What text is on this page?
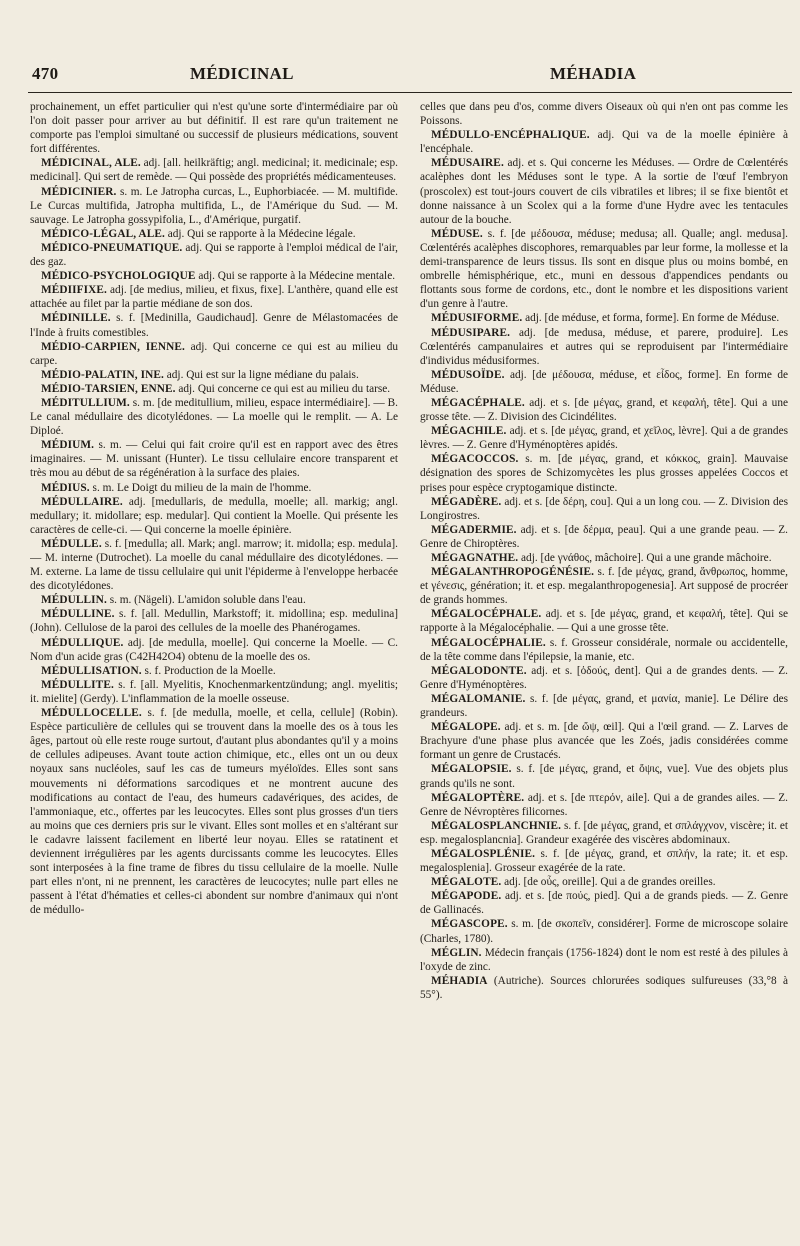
470	MÉDICINAL	MÉHADIA

prochainement, un effet particulier qui n'est qu'une sorte d'intermédiaire par où l'on doit passer pour arriver au but définitif. Il est rare qu'un traitement ne comporte pas l'emploi simultané ou successif de plusieurs médications, souvent fort différentes.

MÉDICINAL, ALE. adj. [all. heilkräftig; angl. medicinal; it. medicinale; esp. medicinal]. Qui sert de remède. — Qui possède des propriétés médicamenteuses.

MÉDICINIER. s. m. Le Jatropha curcas, L., Euphorbiacée. — M. multifide. Le Curcas multifida, Jatropha multifida, L., de l'Amérique du Sud. — M. sauvage. Le Jatropha gossypifolia, L., d'Amérique, purgatif.

MÉDICO-LÉGAL, ALE. adj. Qui se rapporte à la Médecine légale.

MÉDICO-PNEUMATIQUE. adj. Qui se rapporte à l'emploi médical de l'air, des gaz.

MÉDICO-PSYCHOLOGIQUE adj. Qui se rapporte à la Médecine mentale.

MÉDIIFIXE. adj. [de medius, milieu, et fixus, fixe]. L'anthère, quand elle est attachée au filet par la partie médiane de son dos.

MÉDINILLE. s. f. [Medinilla, Gaudichaud]. Genre de Mélastomacées de l'Inde à fruits comestibles.

MÉDIO-CARPIEN, IENNE. adj. Qui concerne ce qui est au milieu du carpe.

MÉDIO-PALATIN, INE. adj. Qui est sur la ligne médiane du palais.

MÉDIO-TARSIEN, ENNE. adj. Qui concerne ce qui est au milieu du tarse.

MÉDITULLIUM. s. m. [de meditullium, milieu, espace intermédiaire]. — B. Le canal médullaire des dicotylédones. — La moelle qui le remplit. — A. Le Diploé.

MÉDIUM. s. m. — Celui qui fait croire qu'il est en rapport avec des êtres imaginaires. — M. unissant (Hunter). Le tissu cellulaire encore transparent et très mou au début de sa régénération à la surface des plaies.

MÉDIUS. s. m. Le Doigt du milieu de la main de l'homme.

MÉDULLAIRE. adj. [medullaris, de medulla, moelle; all. markig; angl. medullary; it. midollare; esp. medular]. Qui contient la Moelle. Qui présente les caractères de celle-ci. — Qui concerne la moelle épinière.

MÉDULLE. s. f. [medulla; all. Mark; angl. marrow; it. midolla; esp. medula]. — M. interne (Dutrochet). La moelle du canal médullaire des dicotylédones. — M. externe. La lame de tissu cellulaire qui unit l'épiderme à l'enveloppe herbacée des dicotylédones.

MÉDULLIN. s. m. (Nägeli). L'amidon soluble dans l'eau.

MÉDULLINE. s. f. [all. Medullin, Markstoff; it. midollina; esp. medulina] (John). Cellulose de la paroi des cellules de la moelle des Phanérogames.

MÉDULLIQUE. adj. [de medulla, moelle]. Qui concerne la Moelle. — C. Nom d'un acide gras (C42H42O4) obtenu de la moelle des os.

MÉDULLISATION. s. f. Production de la Moelle.

MÉDULLITE. s. f. [all. Myelitis, Knochenmarkentzündung; angl. myelitis; it. mielite] (Gerdy). L'inflammation de la moelle osseuse.

MÉDULLOCELLE. s. f. [de medulla, moelle, et cella, cellule] (Robin). Espèce particulière de cellules qui se trouvent dans la moelle des os à tous les âges, partout où elle reste rouge surtout, d'autant plus abondantes qu'il y a moins de cellules adipeuses. Avant toute action chimique, etc., elles ont un ou deux noyaux sans nucléoles, sauf les cas de tumeurs myéloïdes. Elles sont sans mouvements ni déformations sarcodiques et ne montrent aucune des modifications au contact de l'eau, des humeurs cadavériques, des acides, de l'ammoniaque, etc., offertes par les leucocytes. Elles sont plus grosses d'un tiers au moins que ces derniers pris sur le vivant. Elles sont molles et en s'altérant sur le cadavre laissent facilement en liberté leur noyau. Elles se ratatinent et deviennent irrégulières par les agents durcissants comme les leucocytes. Elles sont interposées à la fine trame de fibres du tissu cellulaire de la moelle. Nulle part elles n'ont, ni ne prennent, les caractères de leucocytes; nulle part elles ne passent à l'état d'hématies et celles-ci abondent sur nombre d'animaux qui n'ont de médullo-

celles que dans peu d'os, comme divers Oiseaux où qui n'en ont pas comme les Poissons.

MÉDULLO-ENCÉPHALIQUE. adj. Qui va de la moelle épinière à l'encéphale.

MÉDUSAIRE. adj. et s. Qui concerne les Méduses. — Ordre de Cœlentérés acalèphes dont les Méduses sont le type. A la sortie de l'œuf l'embryon (proscolex) est tout-jours couvert de cils vibratiles et libres; il se fixe bientôt et donne naissance à un Scolex qui a la forme d'une Hydre avec les tentacules autour de la bouche.

MÉDUSE. s. f. [de μέδουσα, méduse; medusa; all. Qualle; angl. medusa]. Cœlentérés acalèphes discophores, remarquables par leur forme, la mollesse et la demi-transparence de leurs tissus. Ils sont en disque plus ou moins bombé, en ombrelle hémisphérique, etc., muni en dessous d'appendices pendants ou flottants sous forme de cordons, etc., dont le nombre et les dispositions varient d'un genre à l'autre.

MÉDUSIFORME. adj. [de méduse, et forma, forme]. En forme de Méduse.

MÉDUSIPARE. adj. [de medusa, méduse, et parere, produire]. Les Cœlentérés campanulaires et autres qui se reproduisent par l'intermédiaire d'individus médusiformes.

MÉDUSOÏDE. adj. [de μέδουσα, méduse, et εἶδος, forme]. En forme de Méduse.

MÉGACÉPHALE. adj. et s. [de μέγας, grand, et κεφαλή, tête]. Qui a une grosse tête. — Z. Division des Cicindélites.

MÉGACHILE. adj. et s. [de μέγας, grand, et χεῖλος, lèvre]. Qui a de grandes lèvres. — Z. Genre d'Hyménoptères apidés.

MÉGACOCCOS. s. m. [de μέγας, grand, et κόκκος, grain]. Mauvaise désignation des spores de Schizomycètes les plus grosses appelées Coccos et prises pour espèce cryptogamique distincte.

MÉGADÈRE. adj. et s. [de δέρη, cou]. Qui a un long cou. — Z. Division des Longirostres.

MÉGADERMIE. adj. et s. [de δέρμα, peau]. Qui a une grande peau. — Z. Genre de Chiroptères.

MÉGAGNATHE. adj. [de γνάθος, mâchoire]. Qui a une grande mâchoire.

MÉGALANTHROPOGÉNÉSIE. s. f. [de μέγας, grand, ἄνθρωπος, homme, et γένεσις, génération; it. et esp. megalanthropogenesia]. Art supposé de procréer de grands hommes.

MÉGALOCÉPHALE. adj. et s. [de μέγας, grand, et κεφαλή, tête]. Qui se rapporte à la Mégalocéphalie. — Qui a une grosse tête.

MÉGALOCÉPHALIE. s. f. Grosseur considérale, normale ou accidentelle, de la tête comme dans l'épilepsie, la manie, etc.

MÉGALODONTE. adj. et s. [ὀδούς, dent]. Qui a de grandes dents. — Z. Genre d'Hyménoptères.

MÉGALOMANIE. s. f. [de μέγας, grand, et μανία, manie]. Le Délire des grandeurs.

MÉGALOPE. adj. et s. m. [de ὤψ, œil]. Qui a l'œil grand. — Z. Larves de Brachyure d'une phase plus avancée que les Zoés, jadis considérées comme formant un genre de Crustacés.

MÉGALOPSIE. s. f. [de μέγας, grand, et ὄψις, vue]. Vue des objets plus grands qu'ils ne sont.

MÉGALOPTÈRE. adj. et s. [de πτερόν, aile]. Qui a de grandes ailes. — Z. Genre de Névroptères filicornes.

MÉGALOSPLANCHNIE. s. f. [de μέγας, grand, et σπλάγχνον, viscère; it. et esp. megalosplancnia]. Grandeur exagérée des viscères abdominaux.

MÉGALOSPLÉNIE. s. f. [de μέγας, grand, et σπλήν, la rate; it. et esp. megalosplenia]. Grosseur exagérée de la rate.

MÉGALOTE. adj. [de οὖς, oreille]. Qui a de grandes oreilles.

MÉGAPODE. adj. et s. [de πούς, pied]. Qui a de grands pieds. — Z. Genre de Gallinacés.

MÉGASCOPE. s. m. [de σκοπεῖν, considérer]. Forme de microscope solaire (Charles, 1780).

MÉGLIN. Médecin français (1756-1824) dont le nom est resté à des pilules à l'oxyde de zinc.

MÉHADIA (Autriche). Sources chlorurées sodiques sulfureuses (33,°8 à 55°).
